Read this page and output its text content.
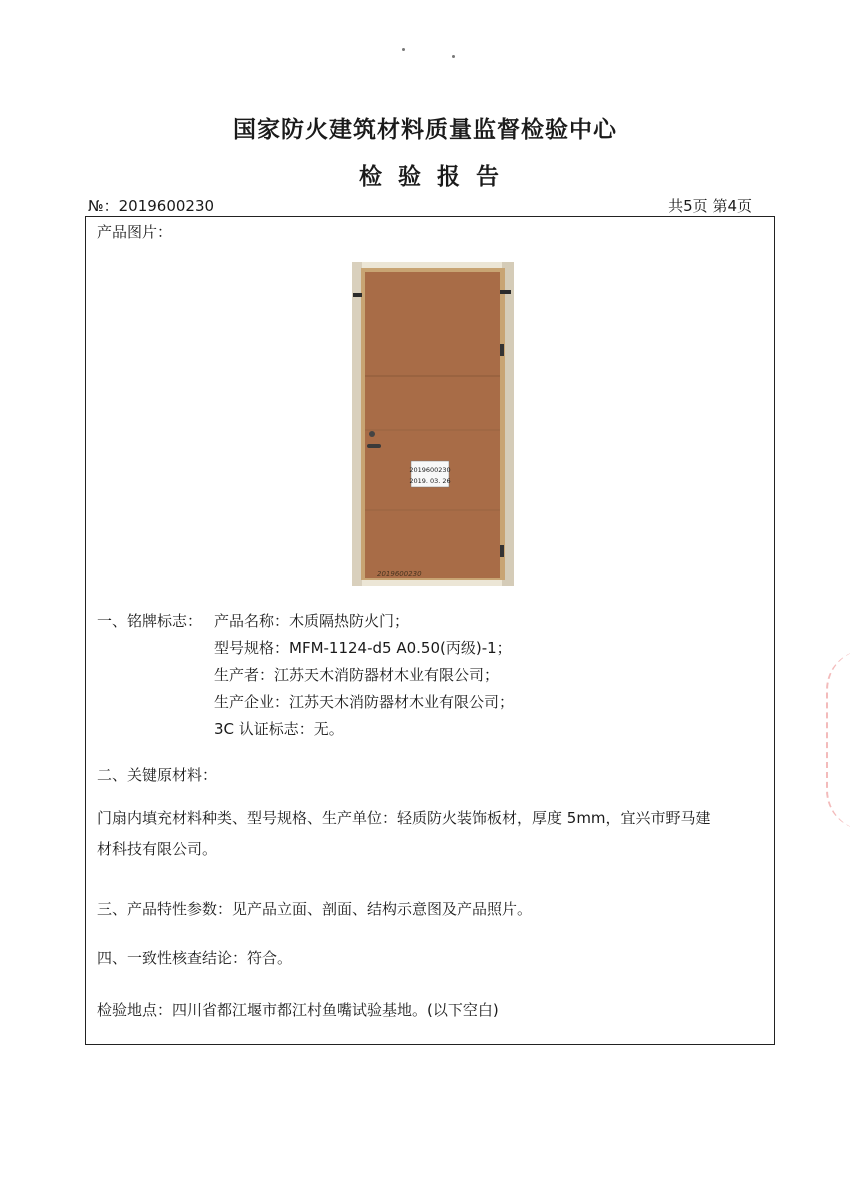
国家防火建筑材料质量监督检验中心
检验报告
№：2019600230	共5页 第4页
产品图片：
2019600230
2019. 03. 26
2019600230
一、铭牌标志： 产品名称：木质隔热防火门；
型号规格：MFM-1124-d5 A0.50(丙级)-1；
生产者：江苏天木消防器材木业有限公司；
生产企业：江苏天木消防器材木业有限公司；
3C 认证标志：无。
二、关键原材料：
门扇内填充材料种类、型号规格、生产单位：轻质防火装饰板材，厚度 5mm，宜兴市野马建
材科技有限公司。
三、产品特性参数：见产品立面、剖面、结构示意图及产品照片。
四、一致性核查结论：符合。
检验地点：四川省都江堰市都江村鱼嘴试验基地。(以下空白)
